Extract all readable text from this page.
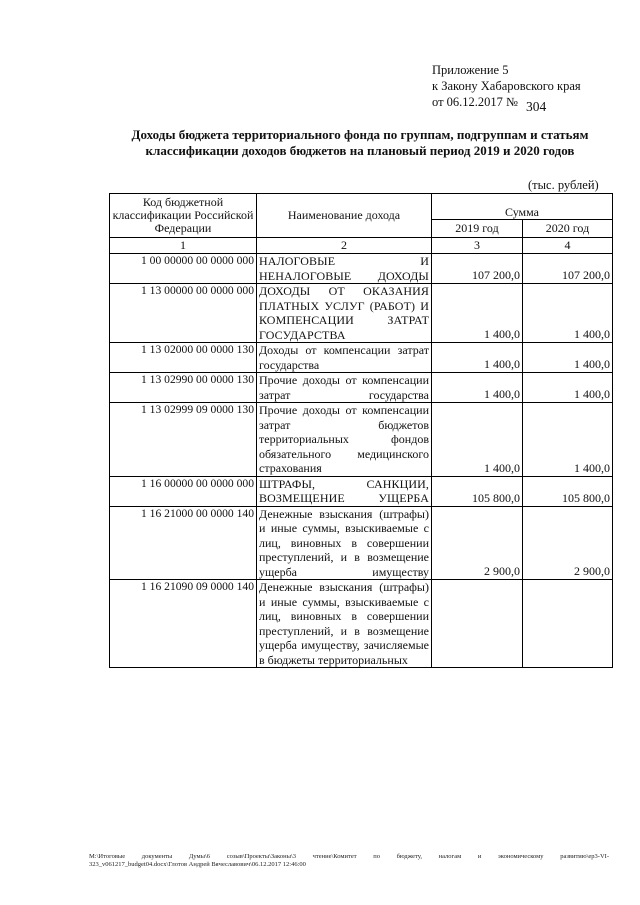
Приложение 5
к Закону Хабаровского края
от 06.12.2017 № 304
Доходы бюджета территориального фонда по группам, подгруппам и статьям
классификации доходов бюджетов на плановый период 2019 и 2020 годов
(тыс. рублей)
Код бюджетной классификации Российской Федерации	Наименование дохода	Сумма	
		2019 год	2020 год
1	2	3	4
1 00 00000 00 0000 000	НАЛОГОВЫЕ И НЕНАЛОГОВЫЕ ДОХОДЫ	107 200,0	107 200,0
1 13 00000 00 0000 000	ДОХОДЫ ОТ ОКАЗАНИЯ ПЛАТНЫХ УСЛУГ (РАБОТ) И КОМПЕНСАЦИИ ЗАТРАТ ГОСУДАРСТВА	1 400,0	1 400,0
1 13 02000 00 0000 130	Доходы от компенсации затрат государства	1 400,0	1 400,0
1 13 02990 00 0000 130	Прочие доходы от компенсации затрат государства	1 400,0	1 400,0
1 13 02999 09 0000 130	Прочие доходы от компенсации затрат бюджетов территориальных фондов обязательного медицинского страхования	1 400,0	1 400,0
1 16 00000 00 0000 000	ШТРАФЫ, САНКЦИИ, ВОЗМЕЩЕНИЕ УЩЕРБА	105 800,0	105 800,0
1 16 21000 00 0000 140	Денежные взыскания (штрафы) и иные суммы, взыскиваемые с лиц, виновных в совершении преступлений, и в возмещение ущерба имуществу	2 900,0	2 900,0
1 16 21090 09 0000 140	Денежные взыскания (штрафы) и иные суммы, взыскиваемые с лиц, виновных в совершении преступлений, и в возмещение ущерба имуществу, зачисляемые в бюджеты территориальных		
M:\Итоговые документы Думы\6 созыв\Проекты\Законы\3 чтение\Комитет по бюджету, налогам и экономическому развитию\ер3-VI-
323_v061217_budget04.docx\Глотов Андрей Вячеславович\06.12.2017 12:46:00
